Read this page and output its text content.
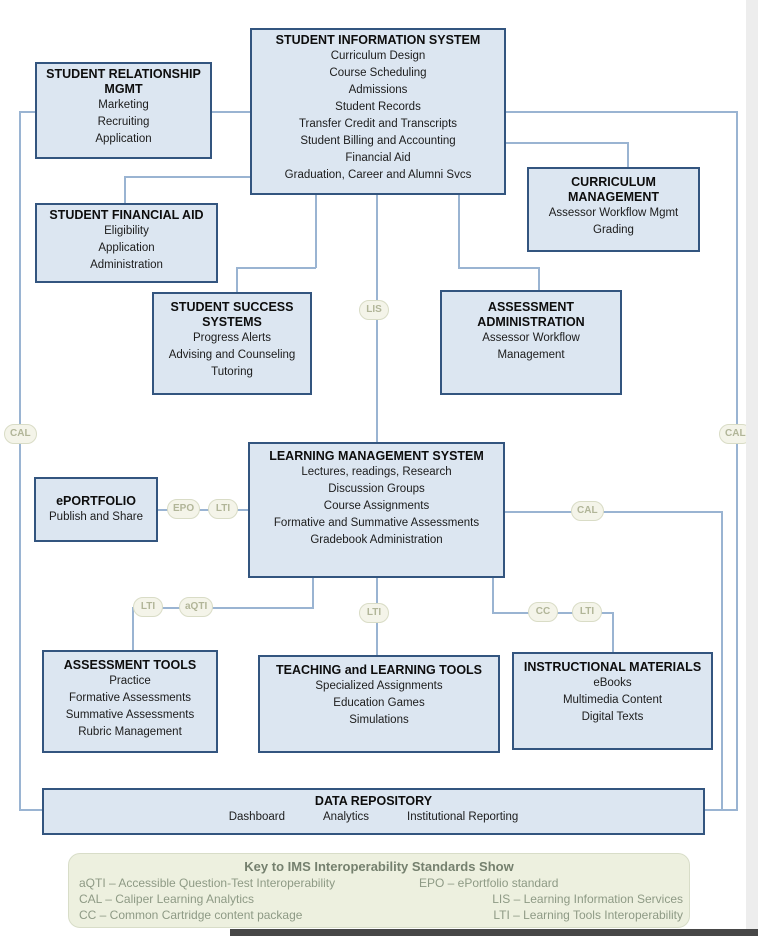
STUDENT INFORMATION SYSTEM
Curriculum Design
Course Scheduling
Admissions
Student Records
Transfer Credit and Transcripts
Student Billing and Accounting
Financial Aid
Graduation, Career and Alumni Svcs
STUDENT RELATIONSHIP MGMT
Marketing
Recruiting
Application
CURRICULUM MANAGEMENT
Assessor Workflow Mgmt
Grading
STUDENT FINANCIAL AID
Eligibility
Application
Administration
STUDENT SUCCESS SYSTEMS
Progress Alerts
Advising and Counseling
Tutoring
ASSESSMENT ADMINISTRATION
Assessor Workflow Management
LEARNING MANAGEMENT SYSTEM
Lectures, readings, Research
Discussion Groups
Course Assignments
Formative and Summative Assessments
Gradebook Administration
ePORTFOLIO
Publish and Share
ASSESSMENT TOOLS
Practice
Formative Assessments
Summative Assessments
Rubric Management
TEACHING and LEARNING TOOLS
Specialized Assignments
Education Games
Simulations
INSTRUCTIONAL MATERIALS
eBooks
Multimedia Content
Digital Texts
DATA REPOSITORY
Dashboard	Analytics	Institutional Reporting
LIS
CAL	CAL
EPO	LTI	CAL
LTI	aQTI
LTI	CC	LTI
Key to IMS Interoperability Standards Show
aQTI – Accessible Question-Test Interoperability	EPO – ePortfolio standard
CAL – Caliper Learning Analytics	LIS – Learning Information Services
CC – Common Cartridge content package	LTI – Learning Tools Interoperability
